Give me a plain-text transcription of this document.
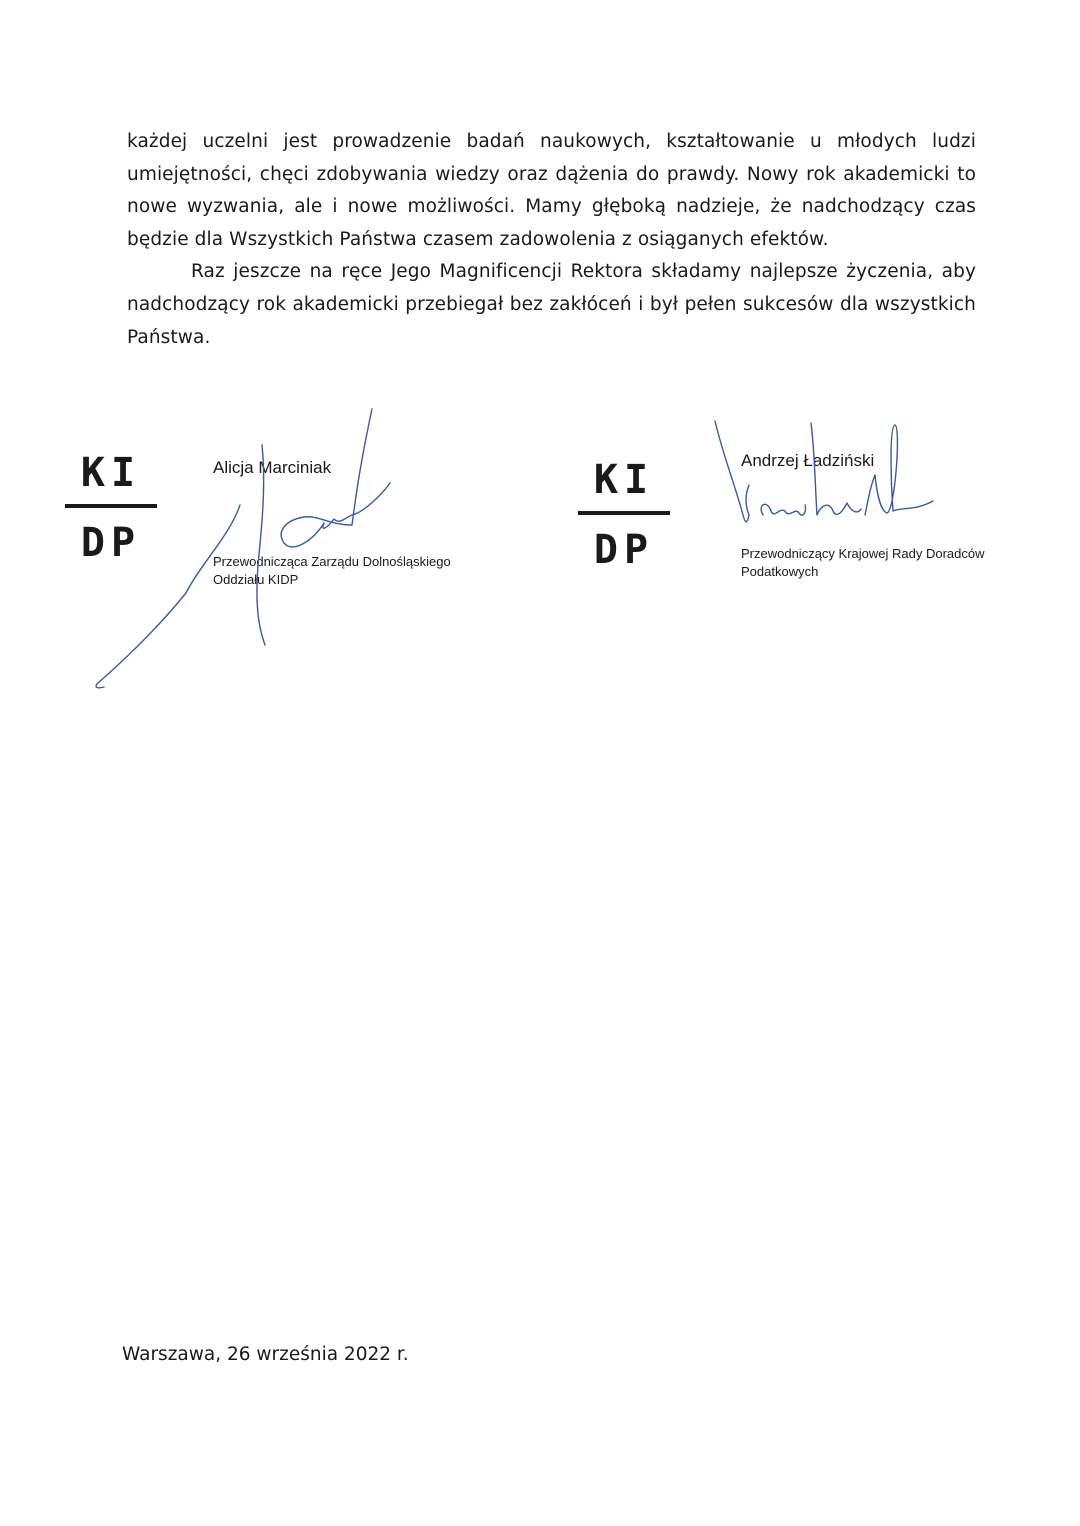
każdej uczelni jest prowadzenie badań naukowych, kształtowanie u młodych ludzi umiejętności, chęci zdobywania wiedzy oraz dążenia do prawdy. Nowy rok akademicki to nowe wyzwania, ale i nowe możliwości. Mamy głęboką nadzieje, że nadchodzący czas będzie dla Wszystkich Państwa czasem zadowolenia z osiąganych efektów.

Raz jeszcze na ręce Jego Magnificencji Rektora składamy najlepsze życzenia, aby nadchodzący rok akademicki przebiegał bez zakłóceń i był pełen sukcesów dla wszystkich Państwa.

KI
DP
Alicja Marciniak
Przewodnicząca Zarządu Dolnośląskiego
Oddziału KIDP
KI
DP
Andrzej Ładziński
Przewodniczący Krajowej Rady Doradców
Podatkowych
Warszawa, 26 września 2022 r.
